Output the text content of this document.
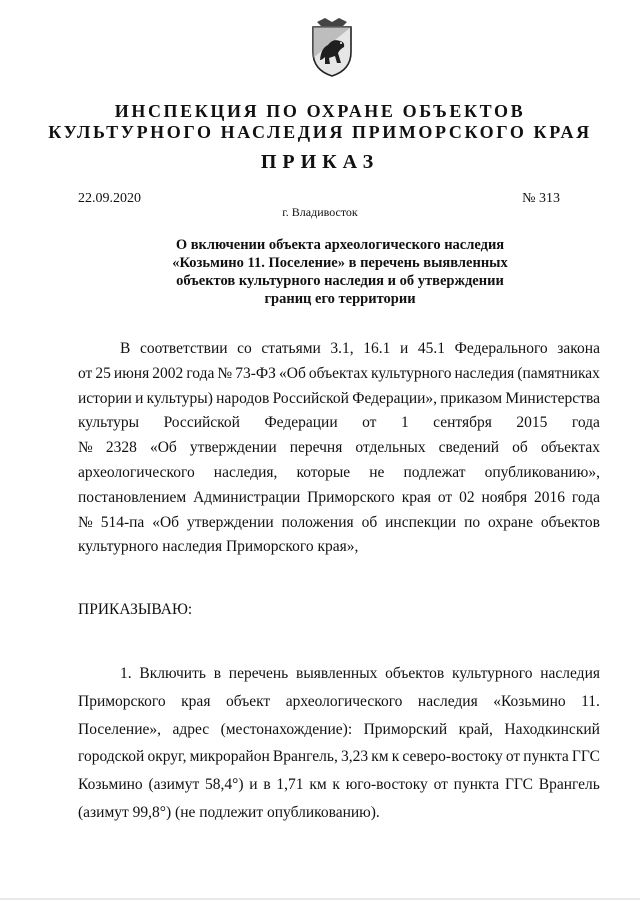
ИНСПЕКЦИЯ ПО ОХРАНЕ ОБЪЕКТОВ
КУЛЬТУРНОГО НАСЛЕДИЯ ПРИМОРСКОГО КРАЯ
ПРИКАЗ
22.09.2020	№ 313
г. Владивосток
О включении объекта археологического наследия
«Козьмино 11. Поселение» в перечень выявленных
объектов культурного наследия и об утверждении
границ его территории
В соответствии со статьями 3.1, 16.1 и 45.1 Федерального закона
от 25 июня 2002 года № 73-ФЗ «Об объектах культурного наследия (памятниках
истории и культуры) народов Российской Федерации», приказом Министерства
культуры Российской Федерации от 1 сентября 2015 года
№ 2328 «Об утверждении перечня отдельных сведений об объектах
археологического наследия, которые не подлежат опубликованию»,
постановлением Администрации Приморского края от 02 ноября 2016 года
№ 514-па «Об утверждении положения об инспекции по охране объектов
культурного наследия Приморского края»,
ПРИКАЗЫВАЮ:
1. Включить в перечень выявленных объектов культурного наследия
Приморского края объект археологического наследия «Козьмино 11.
Поселение», адрес (местонахождение): Приморский край, Находкинский
городской округ, микрорайон Врангель, 3,23 км к северо-востоку от пункта ГГС
Козьмино (азимут 58,4°) и в 1,71 км к юго-востоку от пункта ГГС Врангель
(азимут 99,8°) (не подлежит опубликованию).
